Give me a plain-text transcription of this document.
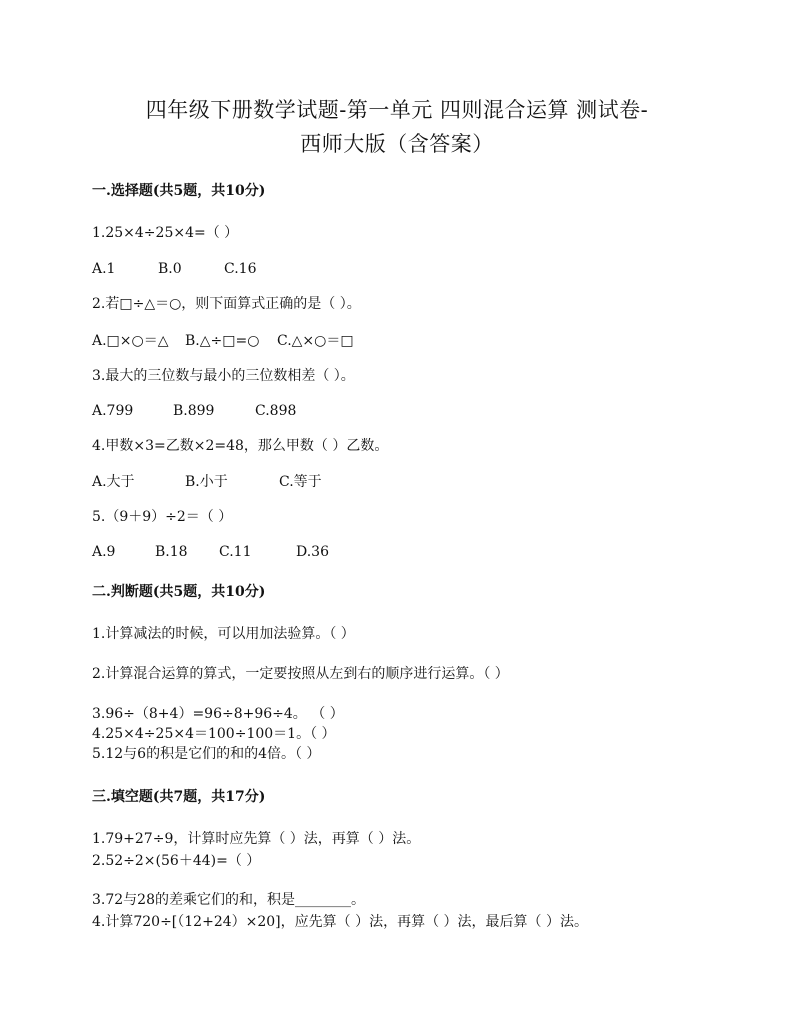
四年级下册数学试题-第一单元 四则混合运算 测试卷-
西师大版（含答案）
一.选择题(共5题，共10分)
1.25×4÷25×4=（ ）
A.1	B.0	C.16
2.若□÷△＝○，则下面算式正确的是（ ）。
A.□×○＝△	B.△÷□=○	C.△×○＝□
3.最大的三位数与最小的三位数相差（ ）。
A.799	B.899	C.898
4.甲数×3=乙数×2=48，那么甲数（ ）乙数。
A.大于	B.小于	C.等于
5.（9＋9）÷2＝（ ）
A.9	B.18	C.11	D.36
二.判断题(共5题，共10分)
1.计算减法的时候，可以用加法验算。（ ）
2.计算混合运算的算式，一定要按照从左到右的顺序进行运算。（ ）
3.96÷（8+4）=96÷8+96÷4。 （ ）
4.25×4÷25×4＝100÷100＝1。（ ）
5.12与6的积是它们的和的4倍。（ ）
三.填空题(共7题，共17分)
1.79+27÷9，计算时应先算（ ）法，再算（ ）法。
2.52÷2×(56＋44)=（ ）
3.72与28的差乘它们的和，积是________。
4.计算720÷[（12+24）×20]，应先算（ ）法，再算（ ）法，最后算（ ）法。
